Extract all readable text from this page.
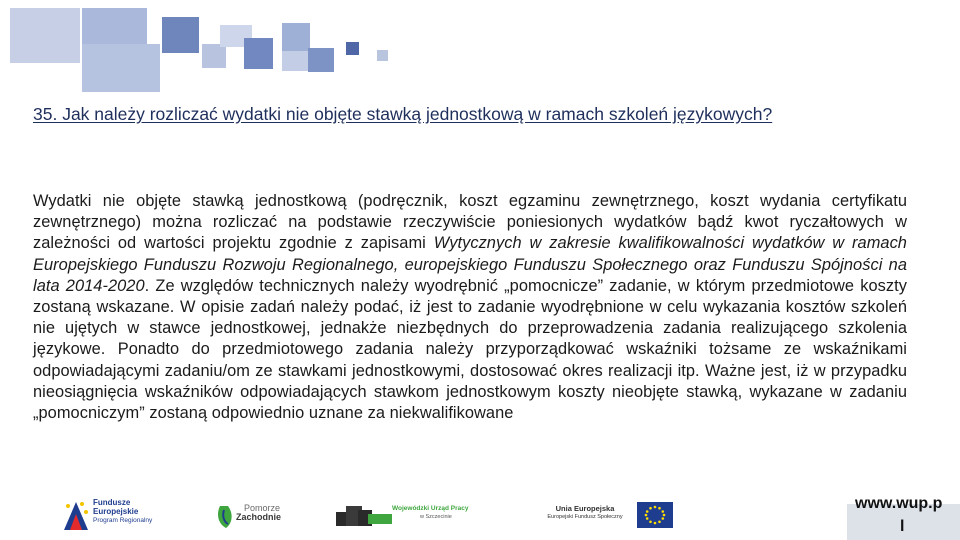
35. Jak należy rozliczać wydatki nie objęte stawką jednostkową w ramach szkoleń językowych?
Wydatki nie objęte stawką jednostkową (podręcznik, koszt egzaminu zewnętrznego, koszt wydania certyfikatu zewnętrznego) można rozliczać na podstawie rzeczywiście poniesionych wydatków bądź kwot ryczałtowych w zależności od wartości projektu zgodnie z zapisami Wytycznych w zakresie kwalifikowalności wydatków w ramach Europejskiego Funduszu Rozwoju Regionalnego, europejskiego Funduszu Społecznego oraz Funduszu Spójności na lata 2014-2020. Ze względów technicznych należy wyodrębnić „pomocnicze” zadanie, w którym przedmiotowe koszty zostaną wskazane. W opisie zadań należy podać, iż jest to zadanie wyodrębnione w celu wykazania kosztów szkoleń nie ujętych w stawce jednostkowej, jednakże niezbędnych do przeprowadzenia zadania realizującego szkolenia językowe. Ponadto do przedmiotowego zadania należy przyporządkować wskaźniki tożsame ze wskaźnikami odpowiadającymi zadaniu/om ze stawkami jednostkowymi, dostosować okres realizacji itp. Ważne jest, iż w przypadku nieosiągnięcia wskaźników odpowiadających stawkom jednostkowym koszty nieobjęte stawką, wykazane w zadaniu „pomocniczym” zostaną odpowiednio uznane za niekwalifikowane
Fundusze
Europejskie
Program Regionalny
Pomorze
Zachodnie
Wojewódzki Urząd Pracy
w Szczecinie
Unia Europejska
Europejski Fundusz Społeczny
www.wup.p
l
